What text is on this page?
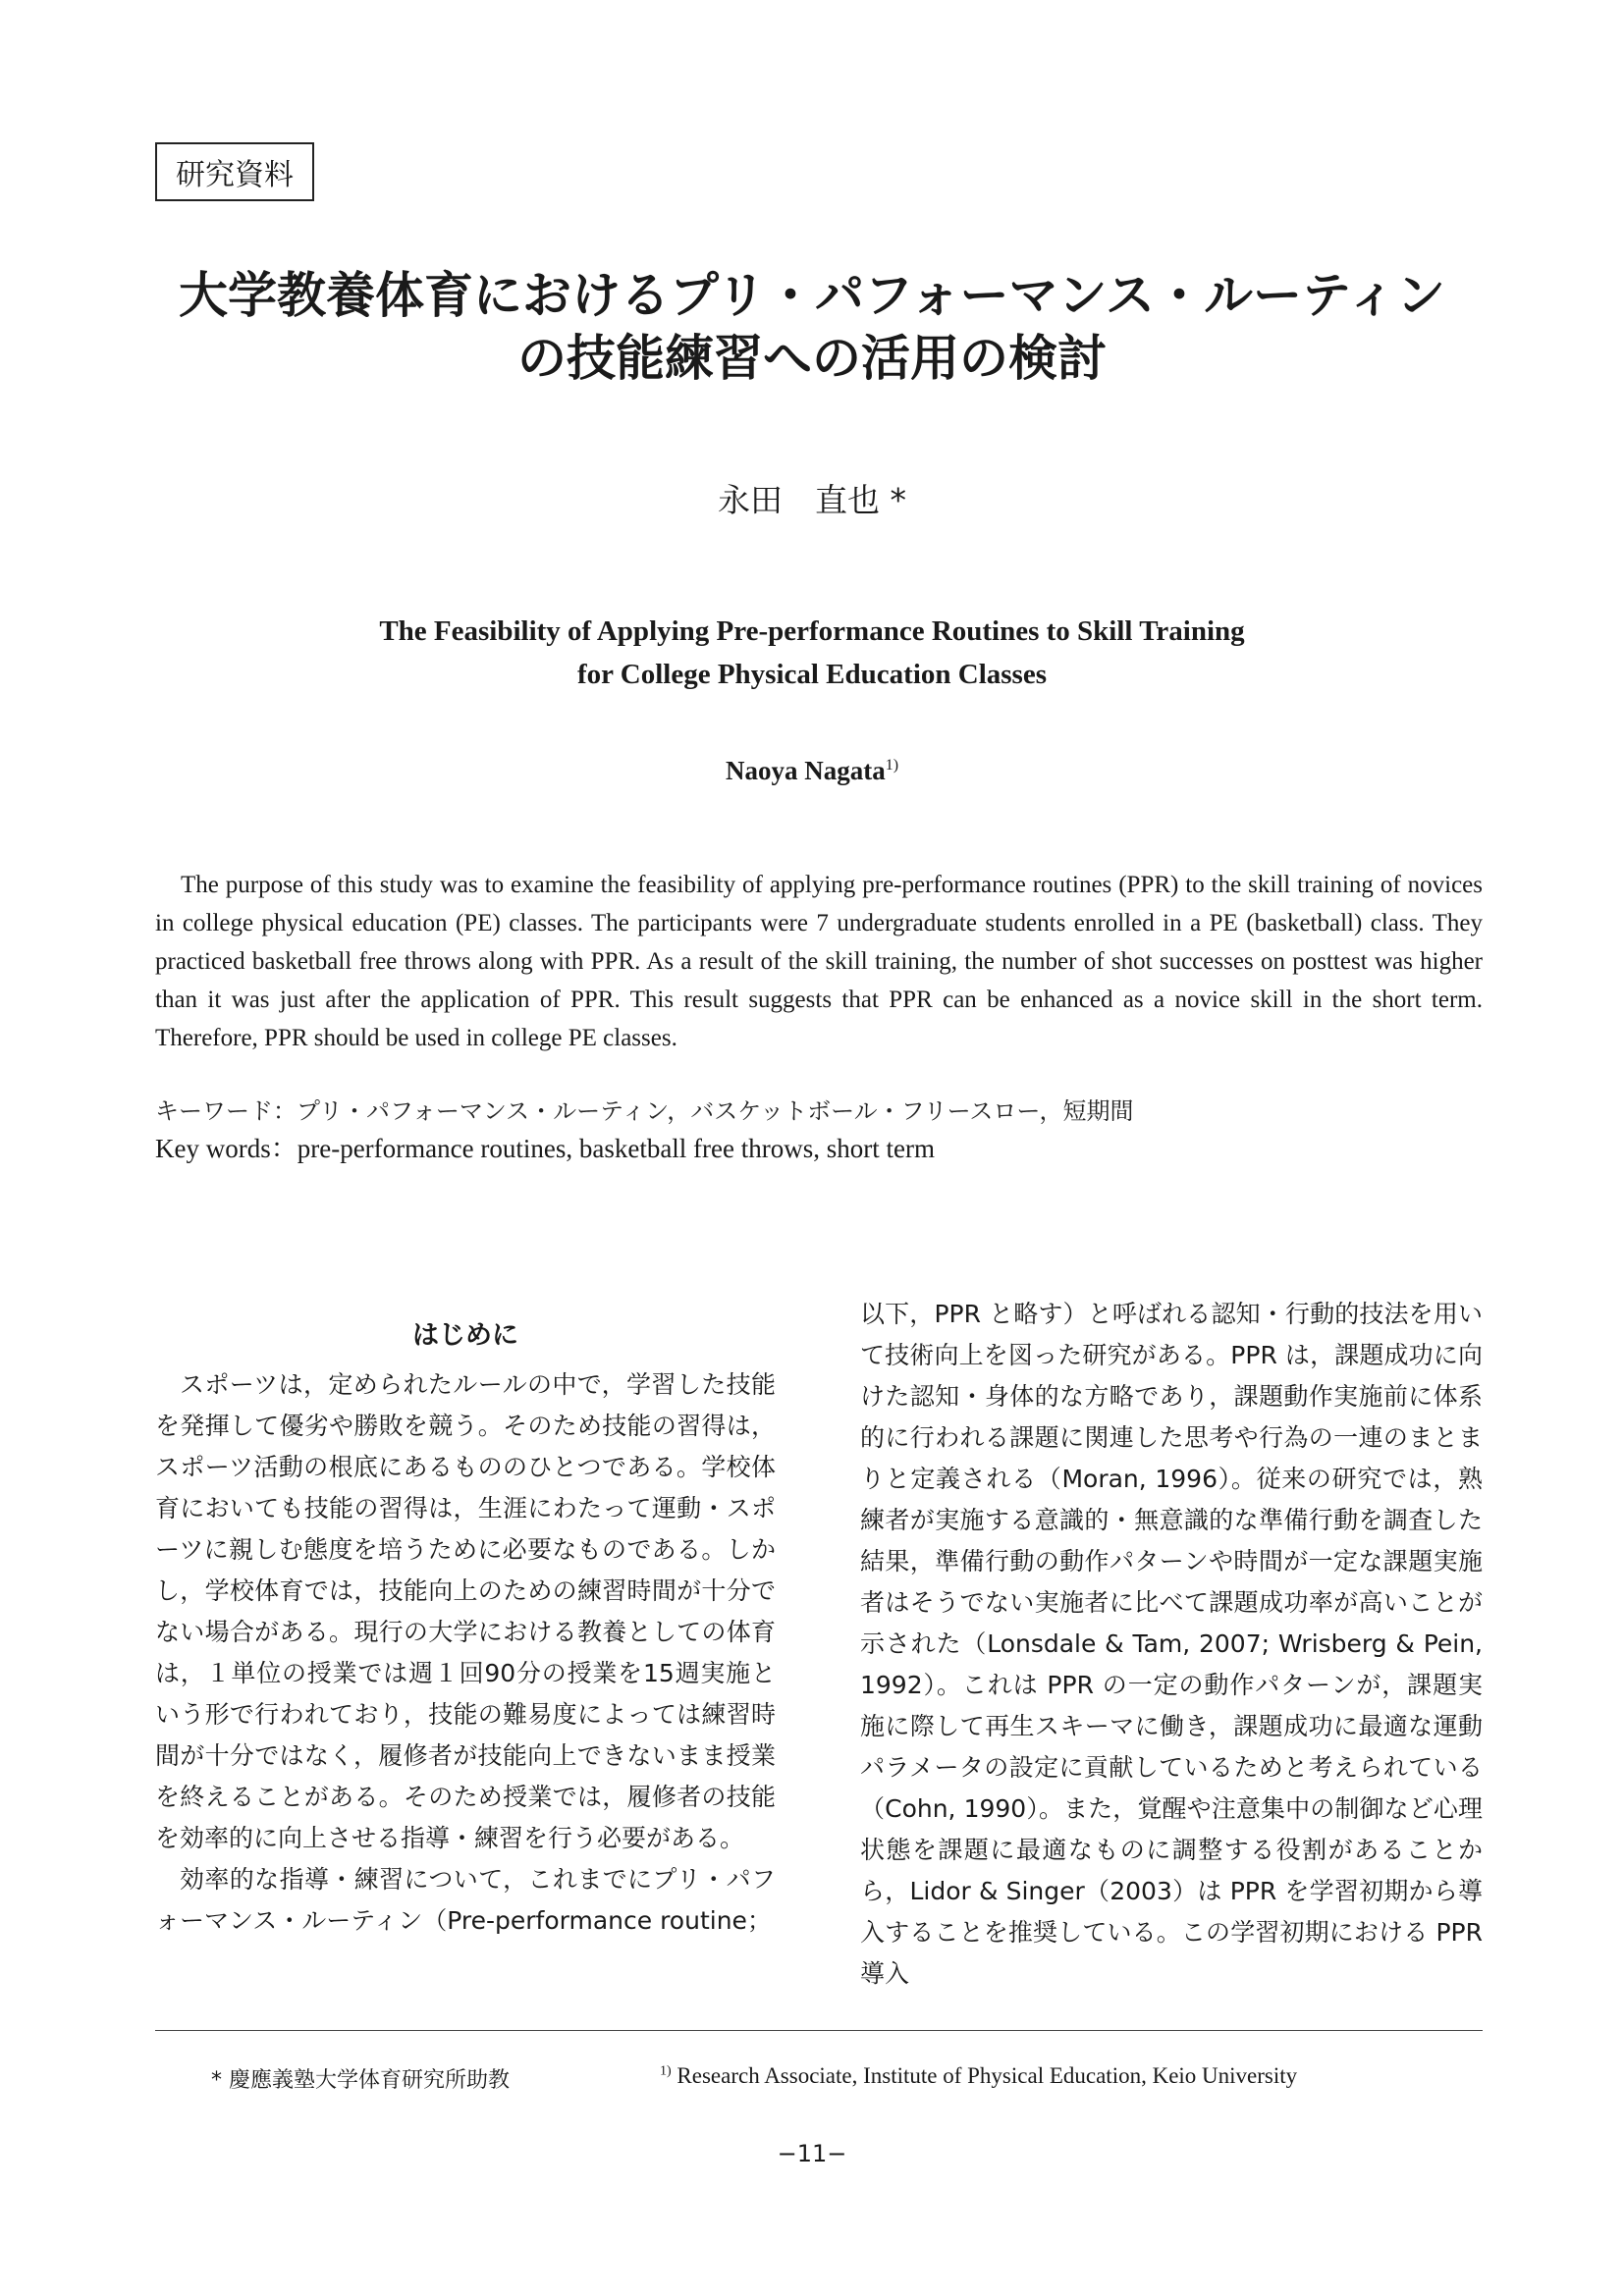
研究資料
大学教養体育におけるプリ・パフォーマンス・ルーティン
の技能練習への活用の検討
永田　直也 *
The Feasibility of Applying Pre-performance Routines to Skill Training
for College Physical Education Classes
Naoya Nagata$^{1)}$
The purpose of this study was to examine the feasibility of applying pre-performance routines (PPR) to the skill training of novices in college physical education (PE) classes. The participants were 7 undergraduate students enrolled in a PE (basketball) class. They practiced basketball free throws along with PPR. As a result of the skill training, the number of shot successes on posttest was higher than it was just after the application of PPR. This result suggests that PPR can be enhanced as a novice skill in the short term. Therefore, PPR should be used in college PE classes.
キーワード：プリ・パフォーマンス・ルーティン，バスケットボール・フリースロー，短期間
Key words：pre-performance routines, basketball free throws, short term
はじめに

スポーツは，定められたルールの中で，学習した技能を発揮して優劣や勝敗を競う。そのため技能の習得は，スポーツ活動の根底にあるもののひとつである。学校体育においても技能の習得は，生涯にわたって運動・スポーツに親しむ態度を培うために必要なものである。しかし，学校体育では，技能向上のための練習時間が十分でない場合がある。現行の大学における教養としての体育は，１単位の授業では週１回90分の授業を15週実施という形で行われており，技能の難易度によっては練習時間が十分ではなく，履修者が技能向上できないまま授業を終えることがある。そのため授業では，履修者の技能を効率的に向上させる指導・練習を行う必要がある。

効率的な指導・練習について，これまでにプリ・パフォーマンス・ルーティン（Pre-performance routine；

以下，PPR と略す）と呼ばれる認知・行動的技法を用いて技術向上を図った研究がある。PPR は，課題成功に向けた認知・身体的な方略であり，課題動作実施前に体系的に行われる課題に関連した思考や行為の一連のまとまりと定義される（Moran, 1996）。従来の研究では，熟練者が実施する意識的・無意識的な準備行動を調査した結果，準備行動の動作パターンや時間が一定な課題実施者はそうでない実施者に比べて課題成功率が高いことが示された（Lonsdale & Tam, 2007; Wrisberg & Pein, 1992）。これは PPR の一定の動作パターンが，課題実施に際して再生スキーマに働き，課題成功に最適な運動パラメータの設定に貢献しているためと考えられている（Cohn, 1990）。また，覚醒や注意集中の制御など心理状態を課題に最適なものに調整する役割があることから，Lidor & Singer（2003）は PPR を学習初期から導入することを推奨している。この学習初期における PPR 導入

* 慶應義塾大学体育研究所助教	$^{1)}$ Research Associate, Institute of Physical Education, Keio University
−11−
